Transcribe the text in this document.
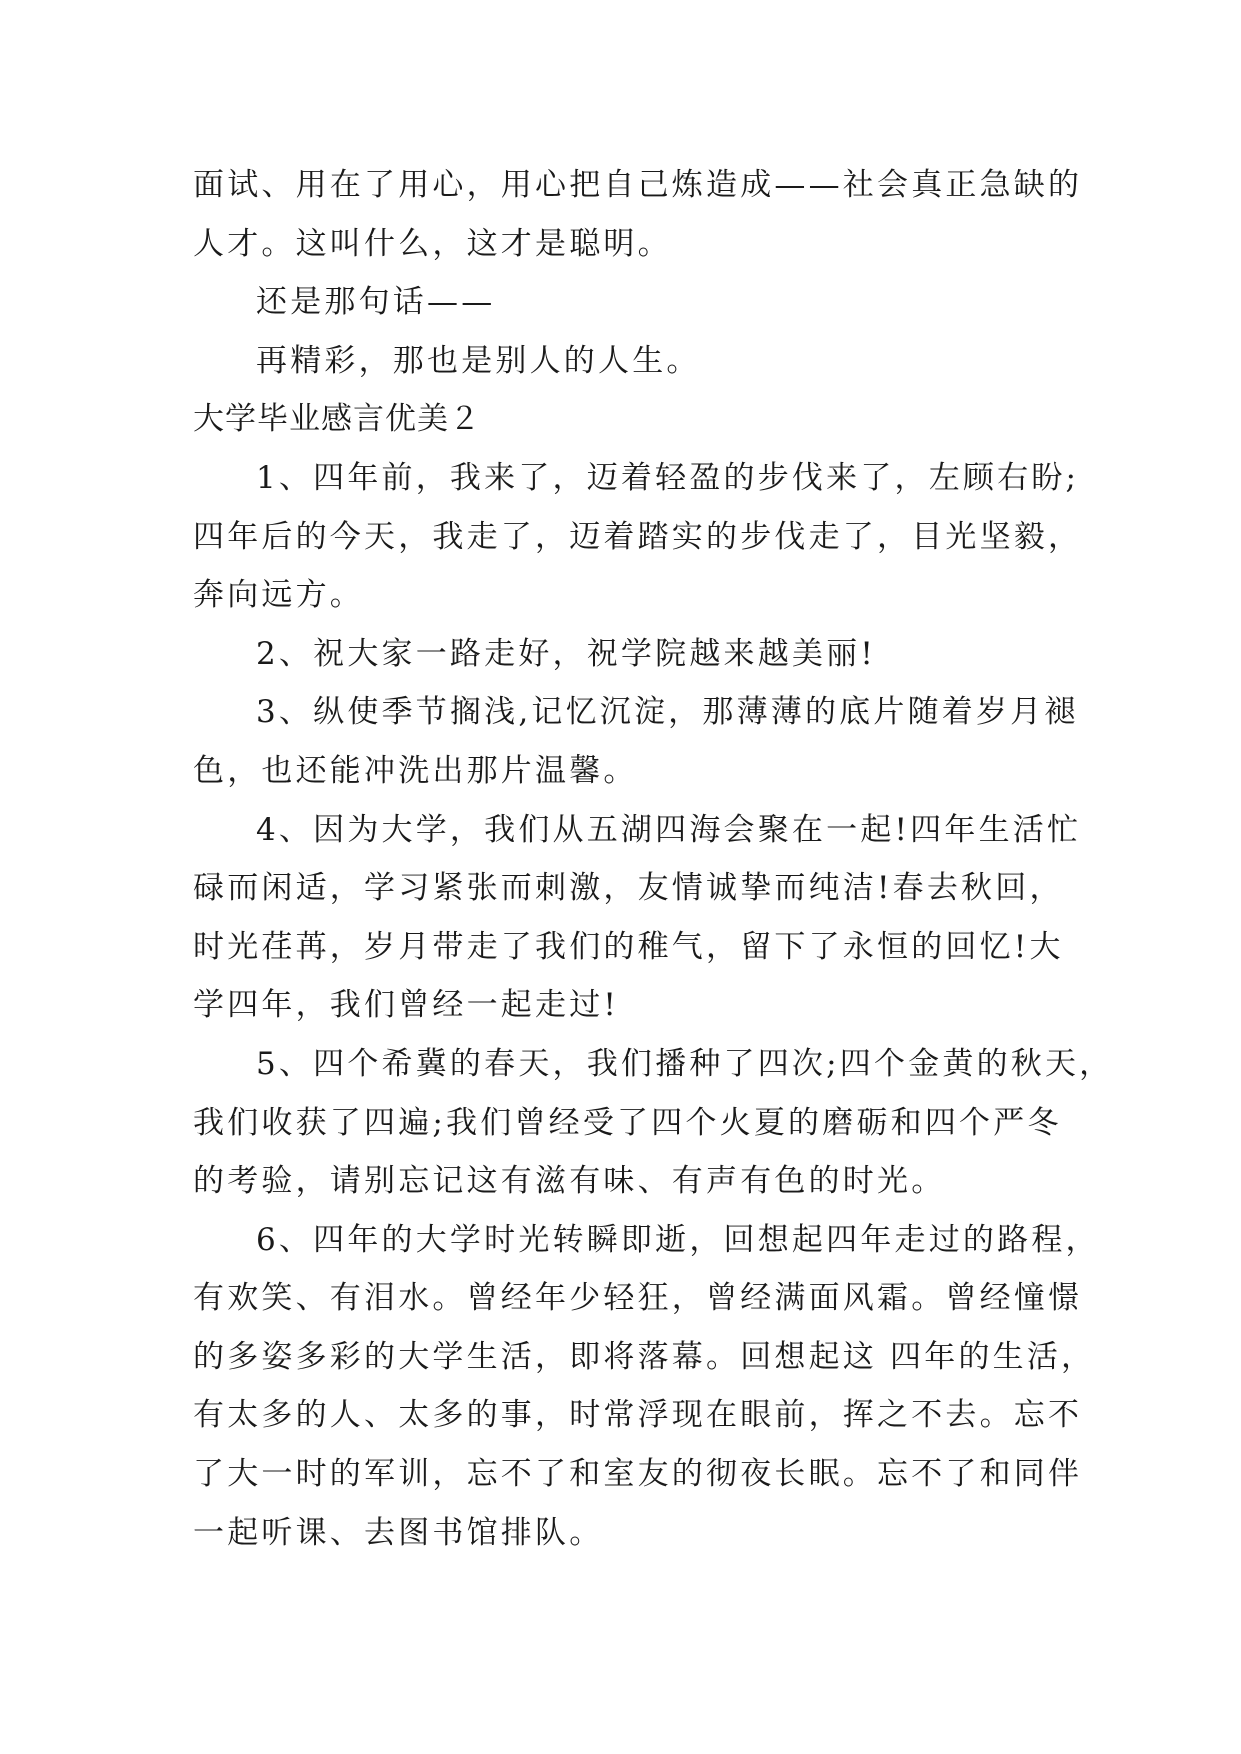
面试、用在了用心，用心把自己炼造成——社会真正急缺的
人才。这叫什么，这才是聪明。
还是那句话——
再精彩，那也是别人的人生。
大学毕业感言优美２
1、四年前，我来了，迈着轻盈的步伐来了，左顾右盼;
四年后的今天，我走了，迈着踏实的步伐走了，目光坚毅，
奔向远方。
2、祝大家一路走好，祝学院越来越美丽!
3、纵使季节搁浅,记忆沉淀，那薄薄的底片随着岁月褪
色，也还能冲洗出那片温馨。
4、因为大学，我们从五湖四海会聚在一起!四年生活忙
碌而闲适，学习紧张而刺激，友情诚挚而纯洁!春去秋回，
时光荏苒，岁月带走了我们的稚气，留下了永恒的回忆!大
学四年，我们曾经一起走过!
5、四个希冀的春天，我们播种了四次;四个金黄的秋天，
我们收获了四遍;我们曾经受了四个火夏的磨砺和四个严冬
的考验，请别忘记这有滋有味、有声有色的时光。
6、四年的大学时光转瞬即逝，回想起四年走过的路程，
有欢笑、有泪水。曾经年少轻狂，曾经满面风霜。曾经憧憬
的多姿多彩的大学生活，即将落幕。回想起这 四年的生活，
有太多的人、太多的事，时常浮现在眼前，挥之不去。忘不
了大一时的军训，忘不了和室友的彻夜长眠。忘不了和同伴
一起听课、去图书馆排队。
